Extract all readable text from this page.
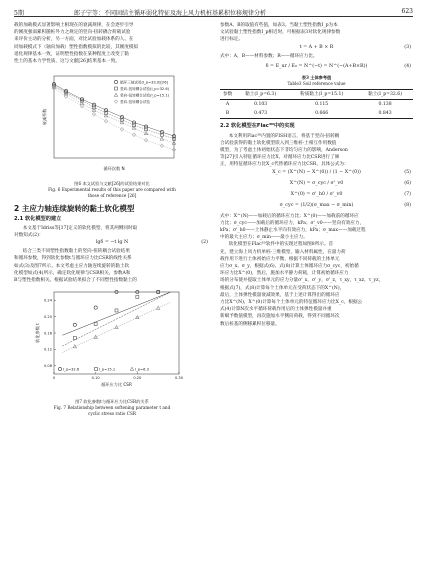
5期	郎子宁等：不同固结主循环弱化特征及海上风力机桩基累积位移规律分析	623
载的加载模式显著影响土相现在的衰减规律，在会逐步引导
的刚度强弱累积随桩外力之规定的竖向-扭转耦合荷载试验
来评价主动的分析，另一方面，对比试验加载体系的人、在
同加载模式下（轴向加载）塑性指数模拟的比较，其刚度模拟
退化规律基本一致，证明塑性指数在某种程度上改变了黏
性土的基本力学性质，这与文献[26]结果基本一致。
循环三轴试验(I_p=33.0)[26]
竖向-扭转耦合试验(I_p=32.6)
竖向-扭转耦合试验(I_p=15.1)
竖向-扭转耦合试验
循环次数 N
衰减系数
图6 本文试验与文献[26]的试验结果对比
Fig. 6 Experimental results of this paper are compared with
those of reference [26]
2 主应力轴连续旋转的黏土软化模型
2.1 软化模型的建立
本文基于Idriss等[17]定义的软化模型，将其两侧同时取
对数知式(2)：
lgδ = −t lg N	(2)
结合三类不同塑性指数黏土的竖向-扭转耦合试验结果
和循环参数，得到软化参数t与循环应力比CSR的线性关系
如式(3)及图7所示。本文考虑主应力轴连续旋转的黏土软
化模型如式(4)所示，确定软化规律与CSR相关，参数A和
B与塑性指数相关。根据试验结果拟合了不同塑性指数黏土的
0	0.10	0.20	0.30
0.08
0.12
0.16
0.20
0.24
I_p=32.6	I_p=15.1	I_p=6.3
循环应力比 CSR
软化参数 t
图7 软化参数t与循环应力比CSR的关系
Fig. 7 Relationship between softening parameter t and
cyclic stress ratio CSR
参数A、B的取值有些值，如表3。当黏土塑性指数I_p为本
文试验黏土塑性指数I_p相近时，可根据表3对软化规律参数
进行标定。
t = A + B × R	(3)
式中：A，B——材料参数；R——循环应力比。
δ = E_ur / E₀ = N^(−t) = N^(−(A+B×R))	(4)
表3 土体参考值
Table3 Soil reference value
参数	黏土(I_p=6.3)	粉质黏土(I_p=15.1)	黏土(I_p=32.6)
A	0.103	0.115	0.138
B	0.473	0.666	0.843
2.2 软化模型在Flac³ᴰ中的实现
本文利用Flac³ᴰ内置的FISH语言，将基于竖向-扭转耦
合试验获得的黏土软化模型嵌入到三维桩-土相互作用数值
模型，为了考虑土体初始状态下非均匀应力的影响，Anderson
等[27]引入特征循环应力比X，对循环应力比CSR进行了修
正，用特征循环应力比X_c代替循环应力比CSR，具体公式为：
X_c = (X^(N) − X^(0)) / (1 − X^(0))	(5)
X^(N) = σ_cyc / σ'_v0	(6)
X^(0) = σ'_h0 / σ'_v0	(7)
σ_cyc = (1/2)(σ_max − σ_min)	(8)
式中：X^(N)——加载后的循环应力比；X^(0)——加载前的循环应
力比；σ_cyc——加载后的循环应力，kPa；σ'_v0——竖向有效应力，
kPa；σ'_h0——土体静止水平向有效应力，kPa；σ_max——加载过程
中的最大主应力；σ_min——最小主应力。
软化模型在Flac³ᴰ软件中的实现过程如图8所示。首
先，建立海上风力机单桩-三维模型，输入材料属性，在量力荷
载作用下进行土体初始应力平衡，根据不同荷载的土体单元
应力σ_x、σ_y，根据式(6)、式(8)计算土体循环应力σ_cyc，初始循
环应力比X^(0)，然后，施加水平静力荷载，计算初始循环应力
场的分布使并提取土体单元的应力分量σ'_x，σ'_y，σ'_z，τ_xy，τ_xz，τ_yz，
根据式(7)，式(8)计算每个土体单元在受荷状态下的X^(N)，
最后，土体弹性模量衰减效果，基于上述计算得出的循环应
力比X^(N)，X^(0)计算每个土体单元的特征循环应力比X_c，根据公
式(4)计算N次水平循环荷载作用后的土体弹性模量并重
新赋予数值模型，再次施加水平侧向荷载，得到不同循环次
数后桩基的侧移累积位移量。
